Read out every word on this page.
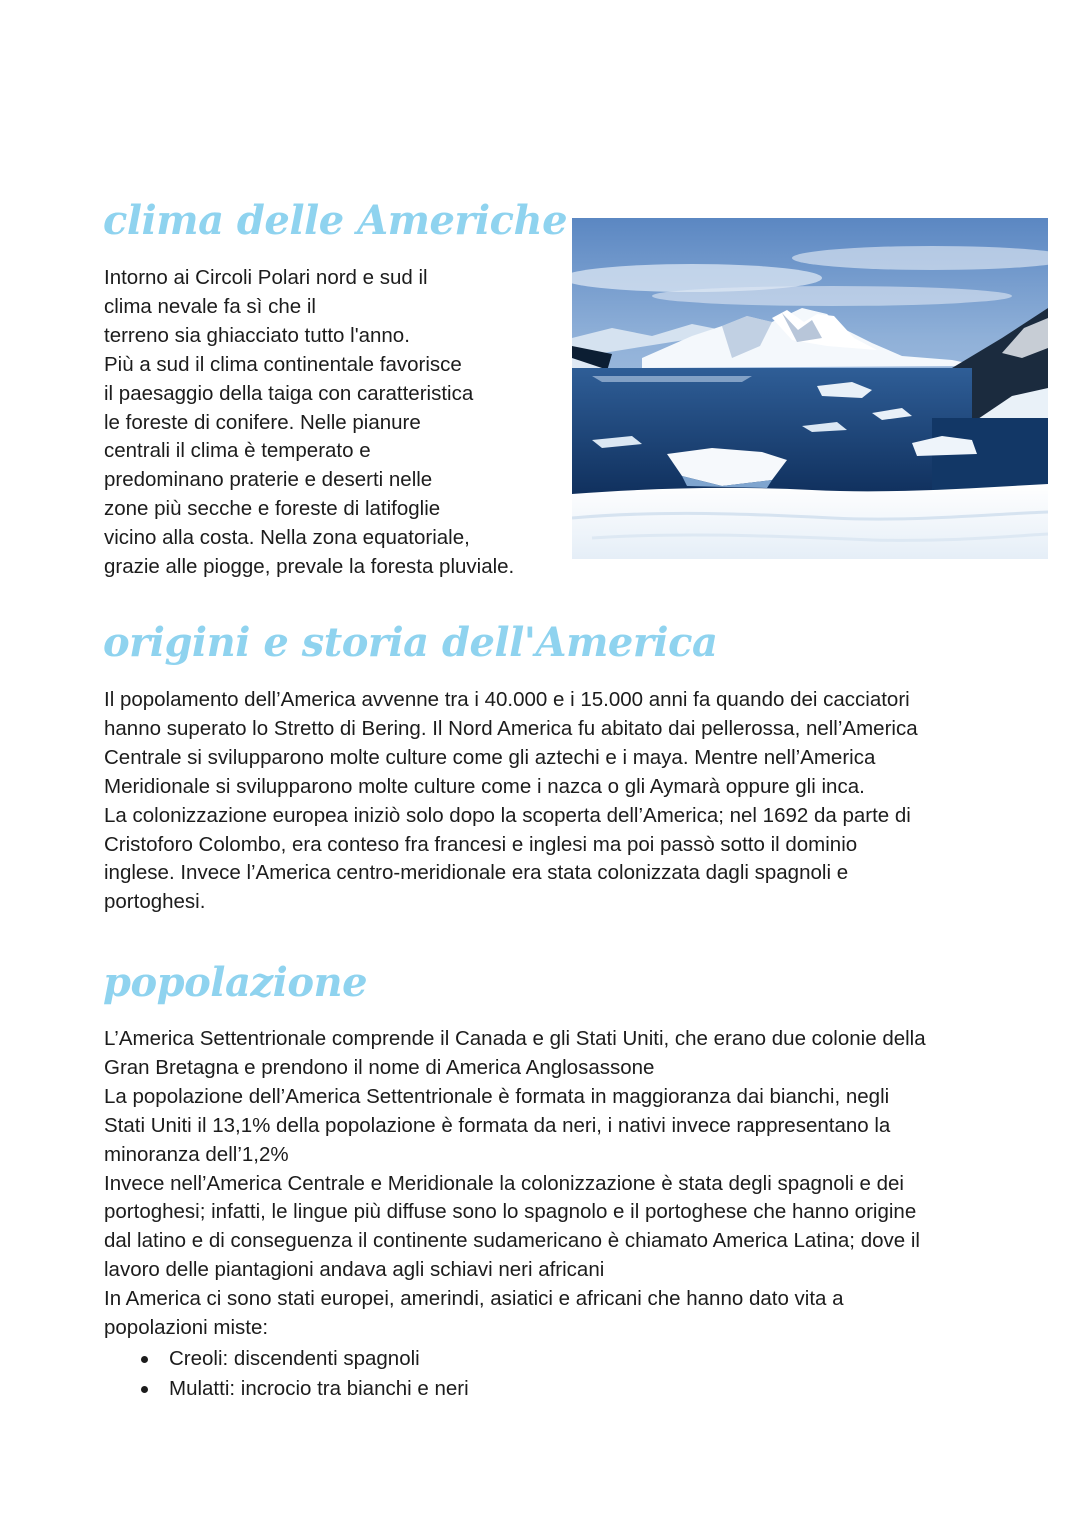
clima delle Americhe

Intorno ai Circoli Polari nord e sud il
clima nevale fa sì che il
terreno sia ghiacciato tutto l'anno.
Più a sud il clima continentale favorisce
il paesaggio della taiga con caratteristica
le foreste di conifere. Nelle pianure
centrali il clima è temperato e
predominano praterie e deserti nelle
zone più secche e foreste di latifoglie
vicino alla costa. Nella zona equatoriale,
grazie alle piogge, prevale la foresta pluviale.

origini e storia dell'America

Il popolamento dell’America avvenne tra i 40.000 e i 15.000 anni fa quando dei cacciatori
hanno superato lo Stretto di Bering. Il Nord America fu abitato dai pellerossa, nell’America
Centrale si svilupparono molte culture come gli aztechi e i maya. Mentre nell’America
Meridionale si svilupparono molte culture come i nazca o gli Aymarà oppure gli inca.
La colonizzazione europea iniziò solo dopo la scoperta dell’America; nel 1692 da parte di
Cristoforo Colombo, era conteso fra francesi e inglesi ma poi passò sotto il dominio
inglese. Invece l’America centro-meridionale era stata colonizzata dagli spagnoli e
portoghesi.

popolazione

L’America Settentrionale comprende il Canada e gli Stati Uniti, che erano due colonie della
Gran Bretagna e prendono il nome di America Anglosassone
La popolazione dell’America Settentrionale è formata in maggioranza dai bianchi, negli
Stati Uniti il 13,1% della popolazione è formata da neri, i nativi invece rappresentano la
minoranza dell’1,2%
Invece nell’America Centrale e Meridionale la colonizzazione è stata degli spagnoli e dei
portoghesi; infatti, le lingue più diffuse sono lo spagnolo e il portoghese che hanno origine
dal latino e di conseguenza il continente sudamericano è chiamato America Latina; dove il
lavoro delle piantagioni andava agli schiavi neri africani
In America ci sono stati europei, amerindi, asiatici e africani che hanno dato vita a
popolazioni miste:

Creoli: discendenti spagnoli
Mulatti: incrocio tra bianchi e neri
